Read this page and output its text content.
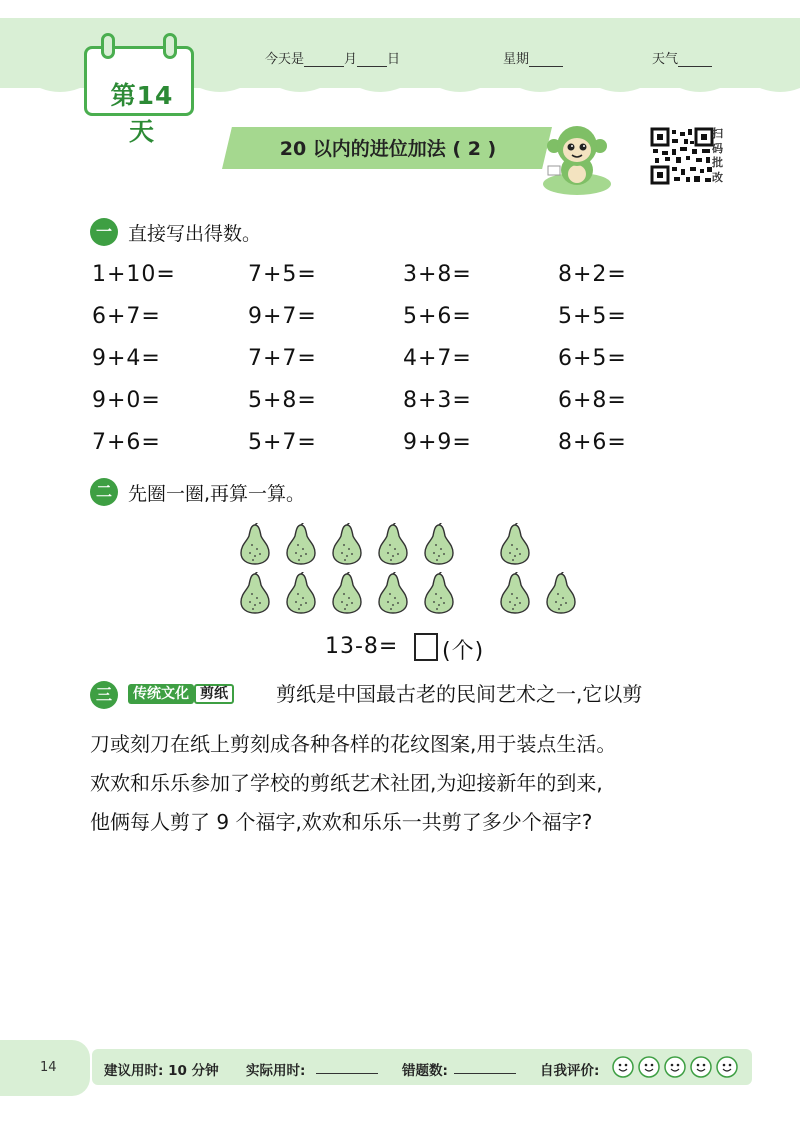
第14天
今天是	月 日	星期	天气
20 以内的进位加法 ( 2 )
扫码批改
一 直接写出得数。
1+10=	7+5=	3+8=	8+2=
6+7=	9+7=	5+6=	5+5=
9+4=	7+7=	4+7=	6+5=
9+0=	5+8=	8+3=	6+8=
7+6=	5+7=	9+9=	8+6=
二 先圈一圈,再算一算。
13-8= (个)
三	传统文化 剪纸	剪纸是中国最古老的民间艺术之一,它以剪
刀或刻刀在纸上剪刻成各种各样的花纹图案,用于装点生活。
欢欢和乐乐参加了学校的剪纸艺术社团,为迎接新年的到来,
他俩每人剪了 9 个福字,欢欢和乐乐一共剪了多少个福字?
14	建议用时: 10 分钟 实际用时:	错题数:	自我评价:
